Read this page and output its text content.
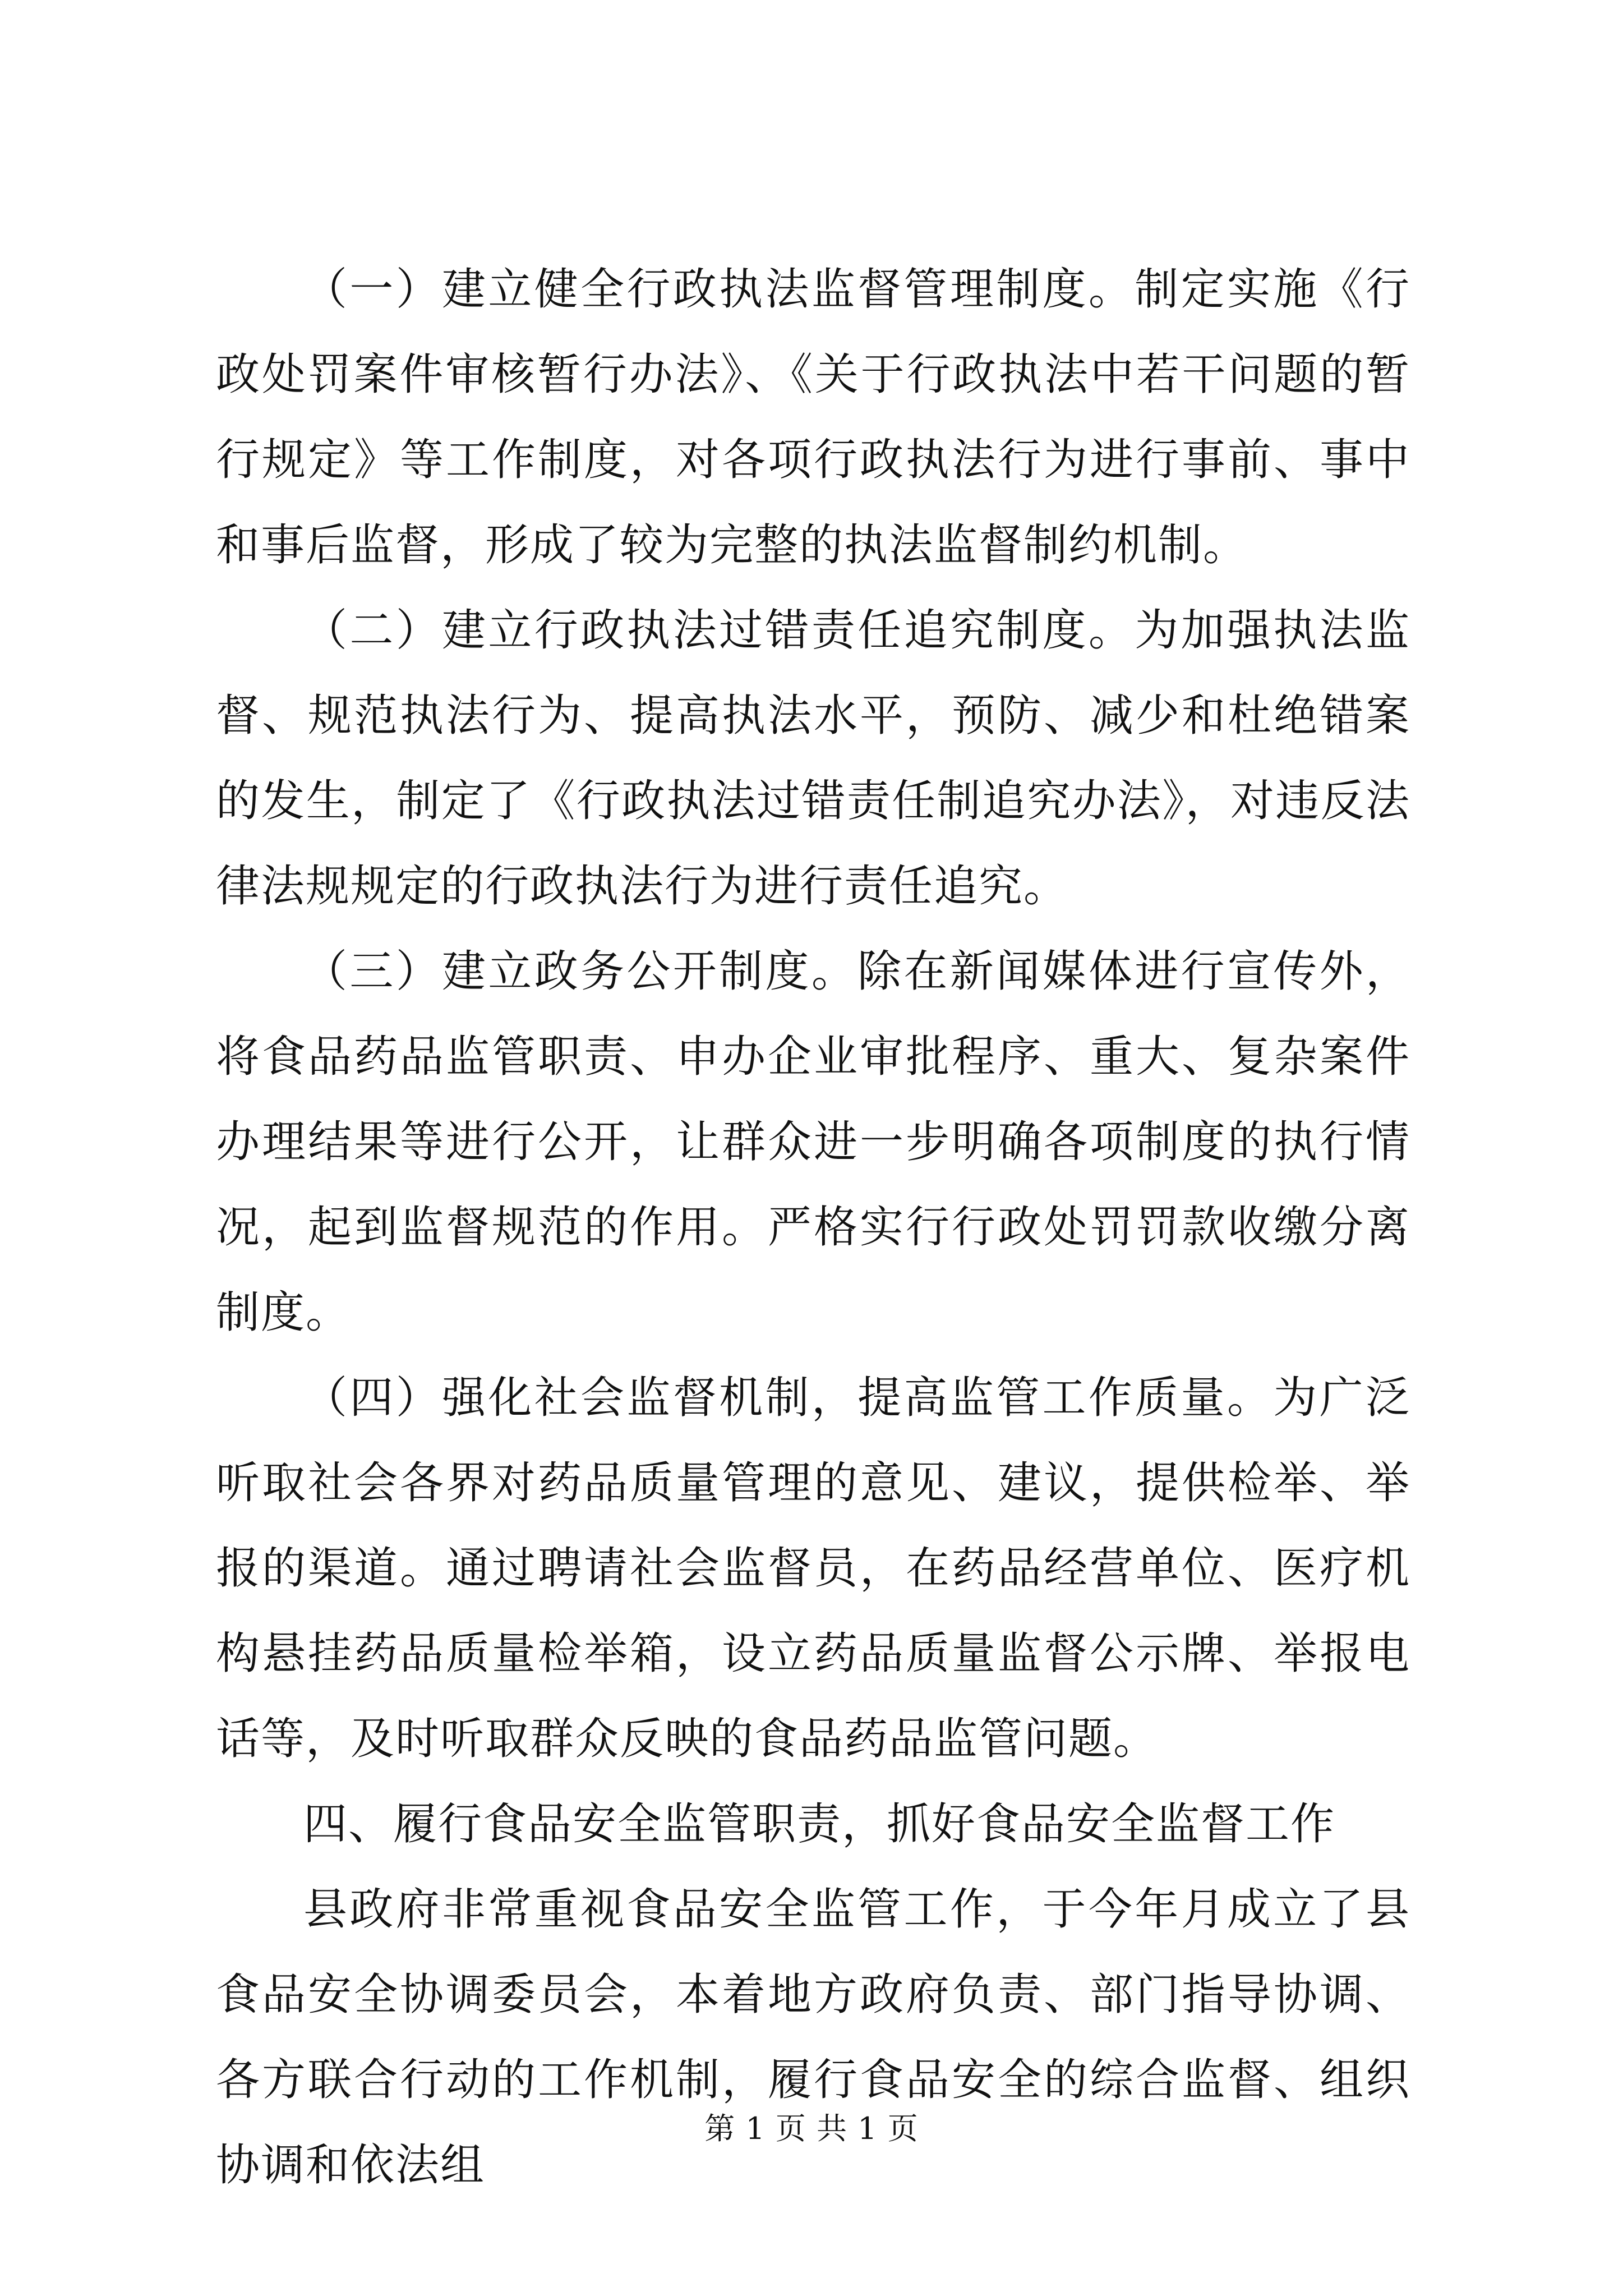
（一）建立健全行政执法监督管理制度。制定实施《行政处罚案件审核暂行办法》、《关于行政执法中若干问题的暂行规定》等工作制度，对各项行政执法行为进行事前、事中和事后监督，形成了较为完整的执法监督制约机制。

（二）建立行政执法过错责任追究制度。为加强执法监督、规范执法行为、提高执法水平，预防、减少和杜绝错案的发生，制定了《行政执法过错责任制追究办法》，对违反法律法规规定的行政执法行为进行责任追究。

（三）建立政务公开制度。除在新闻媒体进行宣传外，将食品药品监管职责、申办企业审批程序、重大、复杂案件办理结果等进行公开，让群众进一步明确各项制度的执行情况，起到监督规范的作用。严格实行行政处罚罚款收缴分离制度。

（四）强化社会监督机制，提高监管工作质量。为广泛听取社会各界对药品质量管理的意见、建议，提供检举、举报的渠道。通过聘请社会监督员，在药品经营单位、医疗机构悬挂药品质量检举箱，设立药品质量监督公示牌、举报电话等，及时听取群众反映的食品药品监管问题。

四、履行食品安全监管职责，抓好食品安全监督工作

县政府非常重视食品安全监管工作，于今年月成立了县食品安全协调委员会，本着地方政府负责、部门指导协调、各方联合行动的工作机制，履行食品安全的综合监督、组织协调和依法组

第 1 页 共 1 页
